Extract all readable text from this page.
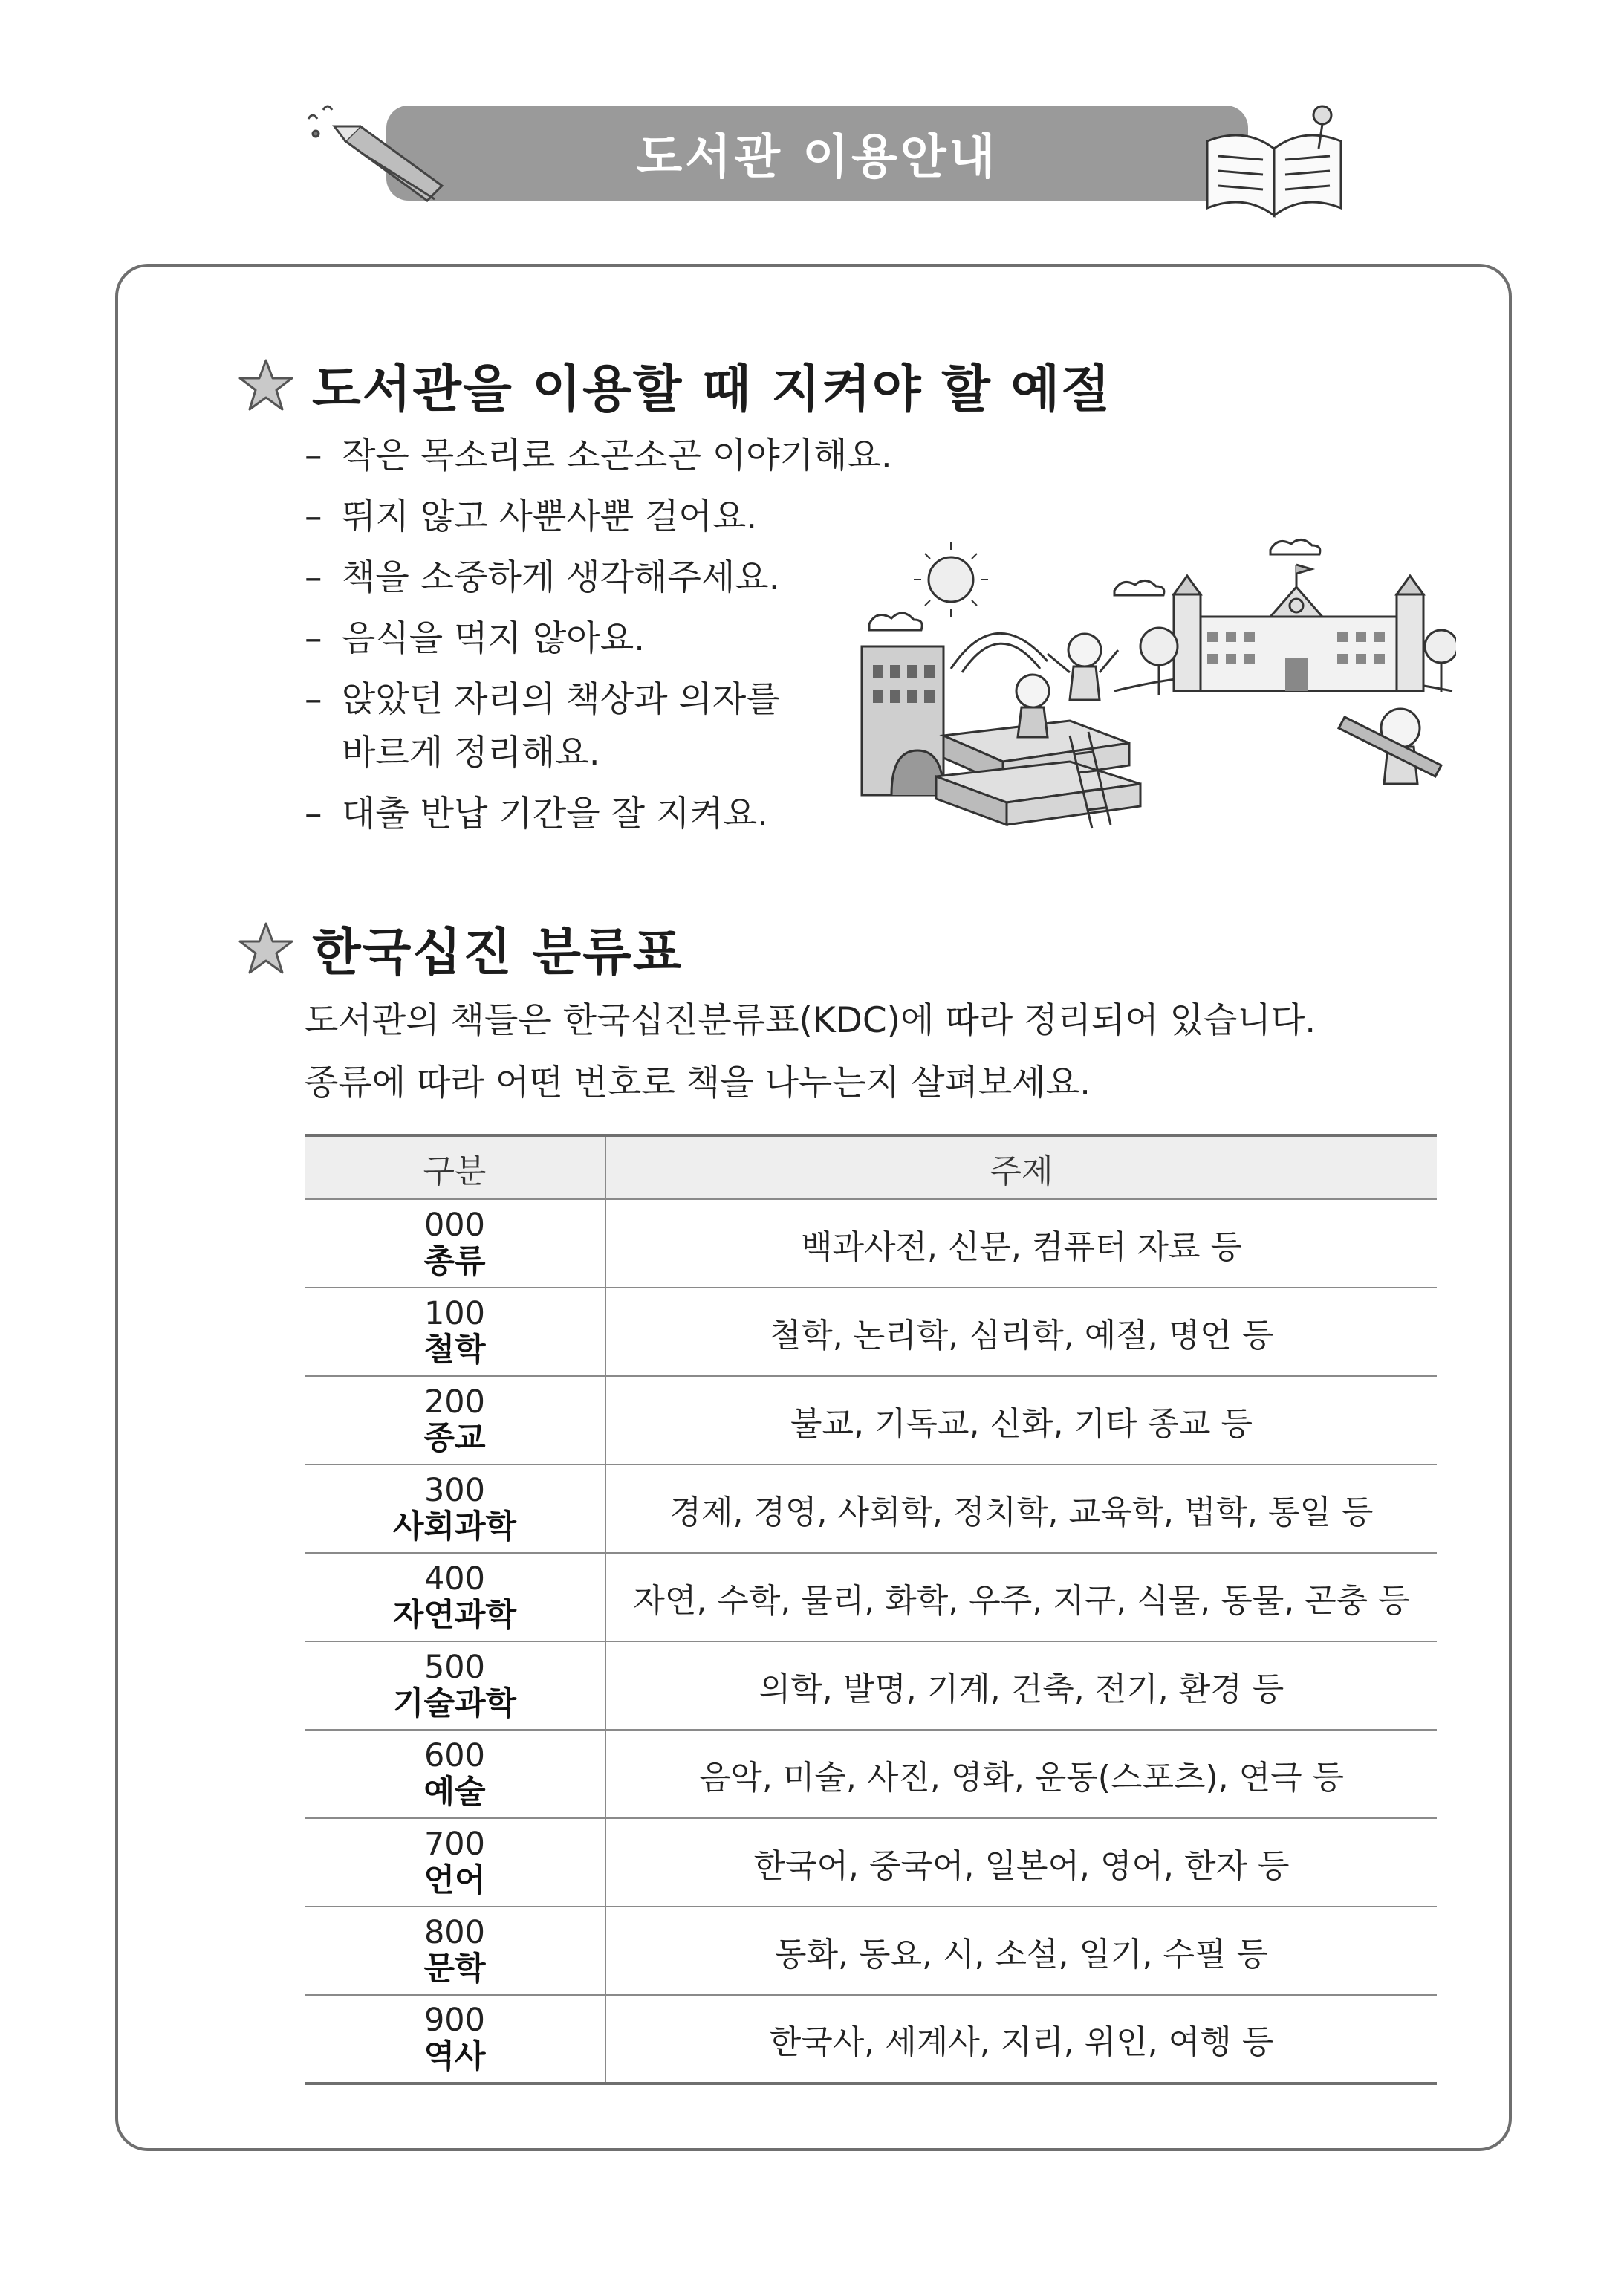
도서관 이용안내
도서관을 이용할 때 지켜야 할 예절
– 작은 목소리로 소곤소곤 이야기해요.
– 뛰지 않고 사뿐사뿐 걸어요.
– 책을 소중하게 생각해주세요.
– 음식을 먹지 않아요.
– 앉았던 자리의 책상과 의자를
바르게 정리해요.
– 대출 반납 기간을 잘 지켜요.
한국십진 분류표

도서관의 책들은 한국십진분류표(KDC)에 따라 정리되어 있습니다.

종류에 따라 어떤 번호로 책을 나누는지 살펴보세요.

구분	주제

000
총류	백과사전, 신문, 컴퓨터 자료 등

100
철학	철학, 논리학, 심리학, 예절, 명언 등

200
종교	불교, 기독교, 신화, 기타 종교 등

300
사회과학	경제, 경영, 사회학, 정치학, 교육학, 법학, 통일 등

400
자연과학	자연, 수학, 물리, 화학, 우주, 지구, 식물, 동물, 곤충 등

500
기술과학	의학, 발명, 기계, 건축, 전기, 환경 등

600
예술	음악, 미술, 사진, 영화, 운동(스포츠), 연극 등

700
언어	한국어, 중국어, 일본어, 영어, 한자 등

800
문학	동화, 동요, 시, 소설, 일기, 수필 등

900
역사	한국사, 세계사, 지리, 위인, 여행 등
